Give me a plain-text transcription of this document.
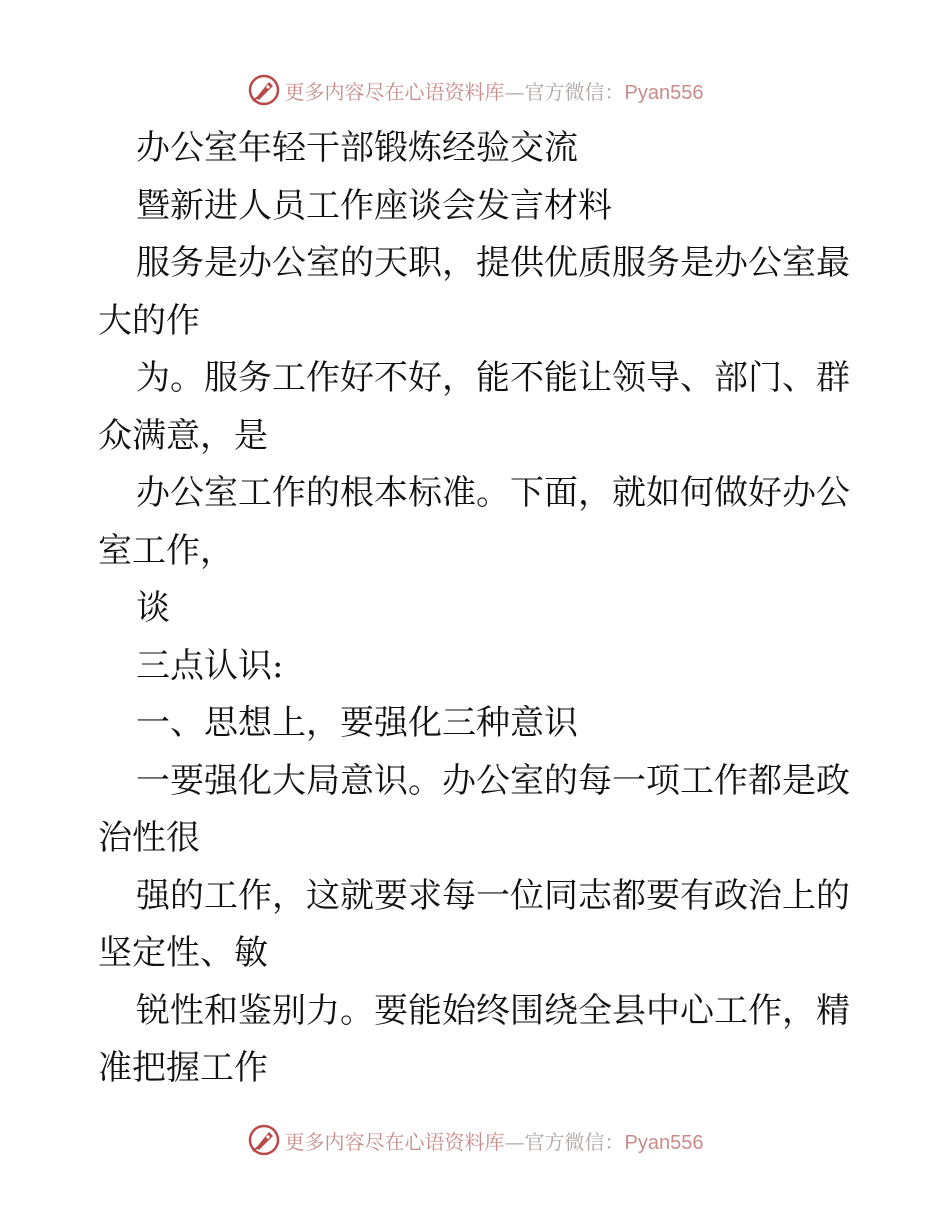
更多内容尽在心语资料库—官方微信：Pyan556
办公室年轻干部锻炼经验交流
暨新进人员工作座谈会发言材料
服务是办公室的天职，提供优质服务是办公室最
大的作
为。服务工作好不好，能不能让领导、部门、群
众满意，是
办公室工作的根本标准。下面，就如何做好办公
室工作，
谈
三点认识:
一、思想上，要强化三种意识
一要强化大局意识。办公室的每一项工作都是政
治性很
强的工作，这就要求每一位同志都要有政治上的
坚定性、敏
锐性和鉴别力。要能始终围绕全县中心工作，精
准把握工作
更多内容尽在心语资料库—官方微信：Pyan556
